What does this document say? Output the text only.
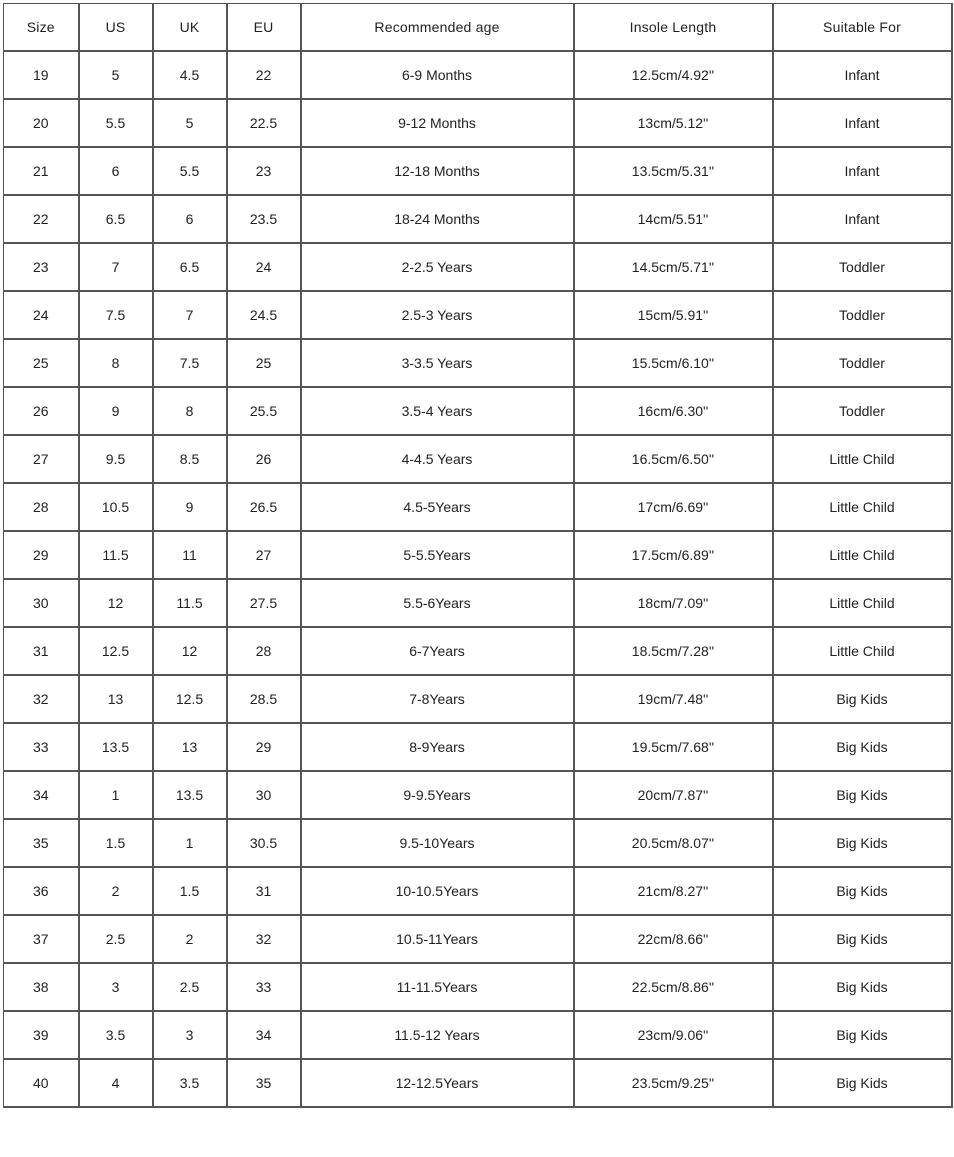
Size	US	UK	EU	Recommended age	Insole Length	Suitable For
19	5	4.5	22	6-9 Months	12.5cm/4.92''	Infant
20	5.5	5	22.5	9-12 Months	13cm/5.12''	Infant
21	6	5.5	23	12-18 Months	13.5cm/5.31''	Infant
22	6.5	6	23.5	18-24 Months	14cm/5.51''	Infant
23	7	6.5	24	2-2.5 Years	14.5cm/5.71''	Toddler
24	7.5	7	24.5	2.5-3 Years	15cm/5.91''	Toddler
25	8	7.5	25	3-3.5 Years	15.5cm/6.10''	Toddler
26	9	8	25.5	3.5-4 Years	16cm/6.30''	Toddler
27	9.5	8.5	26	4-4.5 Years	16.5cm/6.50''	Little Child
28	10.5	9	26.5	4.5-5Years	17cm/6.69''	Little Child
29	11.5	11	27	5-5.5Years	17.5cm/6.89''	Little Child
30	12	11.5	27.5	5.5-6Years	18cm/7.09''	Little Child
31	12.5	12	28	6-7Years	18.5cm/7.28''	Little Child
32	13	12.5	28.5	7-8Years	19cm/7.48''	Big Kids
33	13.5	13	29	8-9Years	19.5cm/7.68''	Big Kids
34	1	13.5	30	9-9.5Years	20cm/7.87''	Big Kids
35	1.5	1	30.5	9.5-10Years	20.5cm/8.07''	Big Kids
36	2	1.5	31	10-10.5Years	21cm/8.27''	Big Kids
37	2.5	2	32	10.5-11Years	22cm/8.66''	Big Kids
38	3	2.5	33	11-11.5Years	22.5cm/8.86''	Big Kids
39	3.5	3	34	11.5-12 Years	23cm/9.06''	Big Kids
40	4	3.5	35	12-12.5Years	23.5cm/9.25''	Big Kids
